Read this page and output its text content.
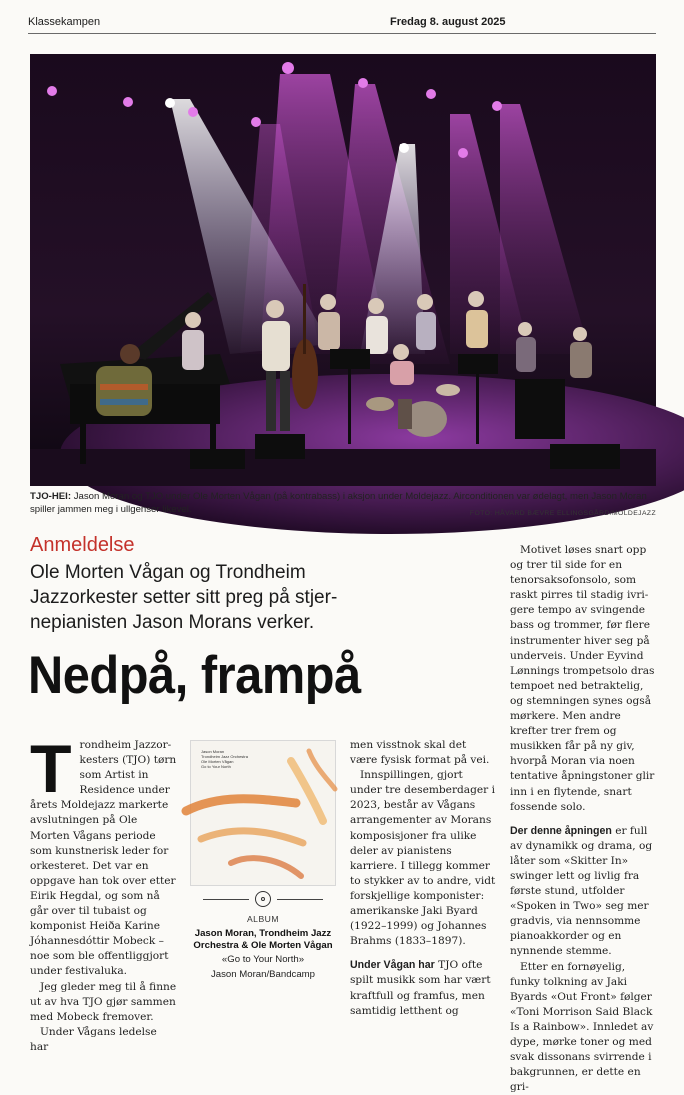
Klassekampen	Fredag 8. august 2025
TJO-HEI: Jason Moran og TJO under Ole Morten Vågan (på kontrabass) i aksjon under Moldejazz. Airconditionen var ødelagt, men Jason Moran spiller jammen meg i ullgenser likevel.	FOTO: HÅVARD BÆVRE ELLINGSGÅRD/MOLDEJAZZ
Anmeldelse
Ole Morten Vågan og Trondheim Jazzorkester setter sitt preg på stjernepianisten Jason Morans verker.
Nedpå, frampå

Trondheim Jazzorkesters (TJO) tørn som Artist in Residence under årets Moldejazz markerte avslutningen på Ole Morten Vågans periode som kunstnerisk leder for orkesteret. Det var en oppgave han tok over etter Eirik Hegdal, og som nå går over til tubaist og komponist Heiða Karine Jóhannesdóttir Mobeck – noe som ble offentliggjort under festivaluka.

Jeg gleder meg til å finne ut av hva TJO gjør sammen med Mobeck fremover.

Under Vågans ledelse har

Jason Moran
Trondheim Jazz Orchestra
Ole Morten Vågan
Go to Your North
ALBUM
Jason Moran, Trondheim Jazz Orchestra & Ole Morten Vågan
«Go to Your North»
Jason Moran/Bandcamp

men visstnok skal det være fysisk format på vei.

Innspillingen, gjort under tre desemberdager i 2023, består av Vågans arrangementer av Morans komposisjoner fra ulike deler av pianistens karriere. I tillegg kommer to stykker av to andre, vidt forskjellige komponister: amerikanske Jaki Byard (1922–1999) og Johannes Brahms (1833–1897).

Under Vågan har TJO ofte spilt musikk som har vært kraftfull og framfus, men samtidig letthent og

Motivet løses snart opp og trer til side for en tenorsaksofonsolo, som raskt pirres til stadig ivrigere tempo av svingende bass og trommer, før flere instrumenter hiver seg på underveis. Under Eyvind Lønnings trompetsolo dras tempoet ned betraktelig, og stemningen synes også mørkere. Men andre krefter trer frem og musikken får på ny giv, hvorpå Moran via noen tentative åpningstoner glir inn i en flytende, snart fossende solo.

Der denne åpningen er full av dynamikk og drama, og låter som «Skitter In» swinger lett og livlig fra første stund, utfolder «Spoken in Two» seg mer gradvis, via nennsomme pianoakkorder og en nynnende stemme.

Etter en fornøyelig, funky tolkning av Jaki Byards «Out Front» følger «Toni Morrison Said Black Is a Rainbow». Innledet av dype, mørke toner og med svak dissonans svirrende i bakgrunnen, er dette en gri-
